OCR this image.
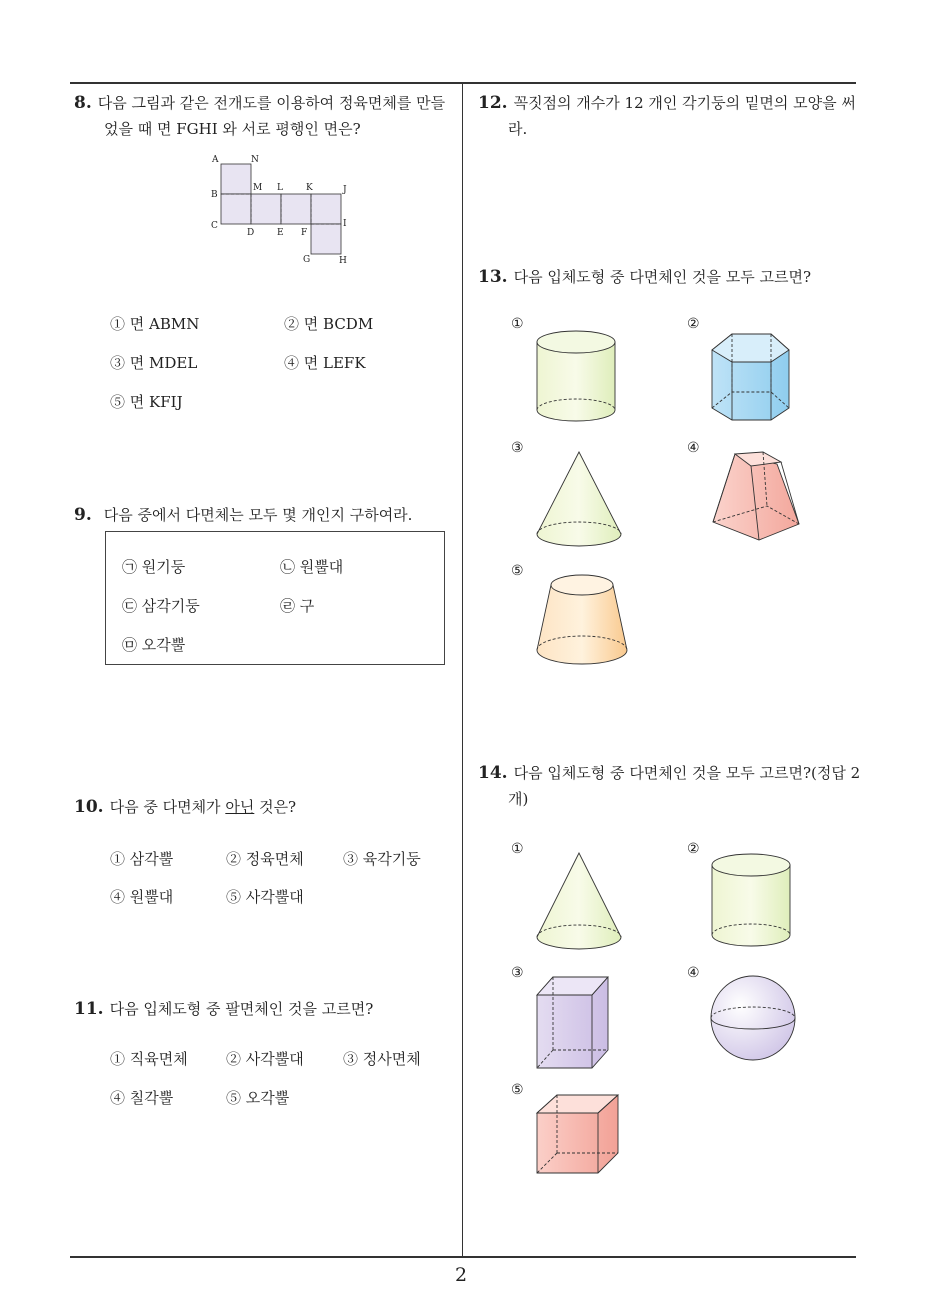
2
8. 다음 그림과 같은 전개도를 이용하여 정육면체를 만들
었을 때 면 FGHI 와 서로 평행인 면은?
A	N
B
M L	K	J
C
D	E F
I
G	H
① 면 ABMN	② 면 BCDM
③ 면 MDEL	④ 면 LEFK
⑤ 면 KFIJ
9. 다음 중에서 다면체는 모두 몇 개인지 구하여라.
㉠ 원기둥	㉡ 원뿔대
㉢ 삼각기둥	㉣ 구
㉤ 오각뿔
10. 다음 중 다면체가 아닌 것은?
① 삼각뿔	② 정육면체	③ 육각기둥
④ 원뿔대	⑤ 사각뿔대
11. 다음 입체도형 중 팔면체인 것을 고르면?
① 직육면체	② 사각뿔대	③ 정사면체
④ 칠각뿔	⑤ 오각뿔
12. 꼭짓점의 개수가 12 개인 각기둥의 밑면의 모양을 써
라.
13. 다음 입체도형 중 다면체인 것을 모두 고르면?
①	②
③	④
⑤
14. 다음 입체도형 중 다면체인 것을 모두 고르면?(정답 2
개)
①	②
③	④
⑤
